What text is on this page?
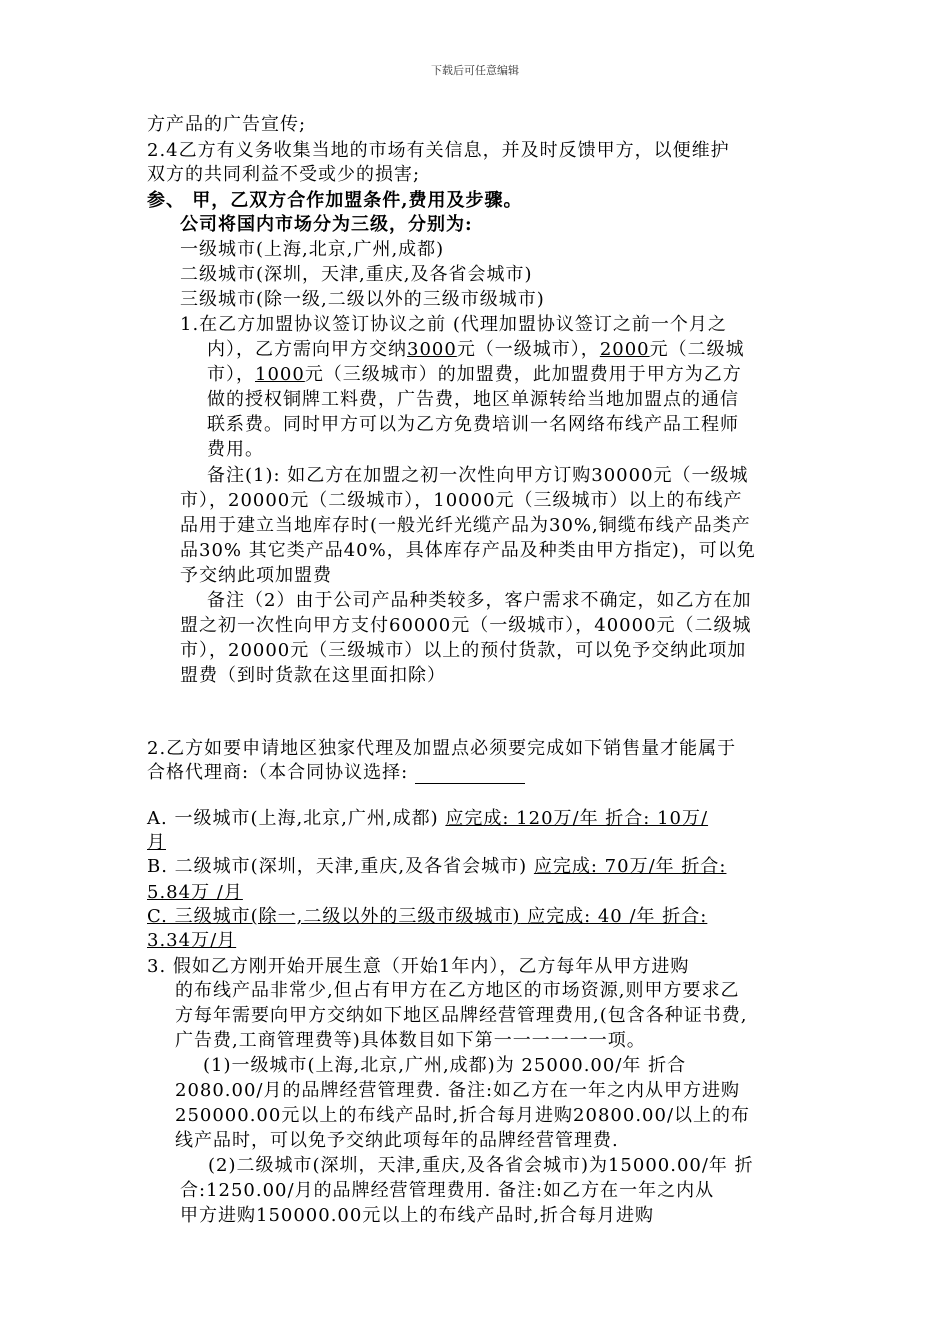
下载后可任意编辑
方产品的广告宣传;
2.4乙方有义务收集当地的市场有关信息，并及时反馈甲方，以便维护
双方的共同利益不受或少的损害;
参、 甲，乙双方合作加盟条件,费用及步骤。
公司将国内市场分为三级，分别为:
一级城市(上海,北京,广州,成都)
二级城市(深圳，天津,重庆,及各省会城市)
三级城市(除一级,二级以外的三级市级城市)
1.在乙方加盟协议签订协议之前 (代理加盟协议签订之前一个月之
内），乙方需向甲方交纳3000元（一级城市），2000元（二级城
市），1000元（三级城市）的加盟费，此加盟费用于甲方为乙方
做的授权铜牌工料费，广告费，地区单源转给当地加盟点的通信
联系费。同时甲方可以为乙方免费培训一名网络布线产品工程师
费用。
备注(1): 如乙方在加盟之初一次性向甲方订购30000元（一级城
市），20000元（二级城市），10000元（三级城市）以上的布线产
品用于建立当地库存时(一般光纤光缆产品为30%,铜缆布线产品类产
品30% 其它类产品40%，具体库存产品及种类由甲方指定)，可以免
予交纳此项加盟费
备注（2）由于公司产品种类较多，客户需求不确定，如乙方在加
盟之初一次性向甲方支付60000元（一级城市），40000元（二级城
市），20000元（三级城市）以上的预付货款，可以免予交纳此项加
盟费（到时货款在这里面扣除）
2.乙方如要申请地区独家代理及加盟点必须要完成如下销售量才能属于
合格代理商:（本合同协议选择:
A. 一级城市(上海,北京,广州,成都) 应完成: 120万/年 折合: 10万/
月
B. 二级城市(深圳，天津,重庆,及各省会城市) 应完成: 70万/年 折合:
5.84万 /月
C. 三级城市(除一,二级以外的三级市级城市) 应完成: 40 /年 折合:
3.34万/月
3. 假如乙方刚开始开展生意（开始1年内），乙方每年从甲方进购
的布线产品非常少,但占有甲方在乙方地区的市场资源,则甲方要求乙
方每年需要向甲方交纳如下地区品牌经营管理费用,(包含各种证书费,
广告费,工商管理费等)具体数目如下第一一一一一一项。
(1)一级城市(上海,北京,广州,成都)为 25000.00/年 折合
2080.00/月的品牌经营管理费. 备注:如乙方在一年之内从甲方进购
250000.00元以上的布线产品时,折合每月进购20800.00/以上的布
线产品时，可以免予交纳此项每年的品牌经营管理费.
(2)二级城市(深圳，天津,重庆,及各省会城市)为15000.00/年 折
合:1250.00/月的品牌经营管理费用. 备注:如乙方在一年之内从
甲方进购150000.00元以上的布线产品时,折合每月进购
